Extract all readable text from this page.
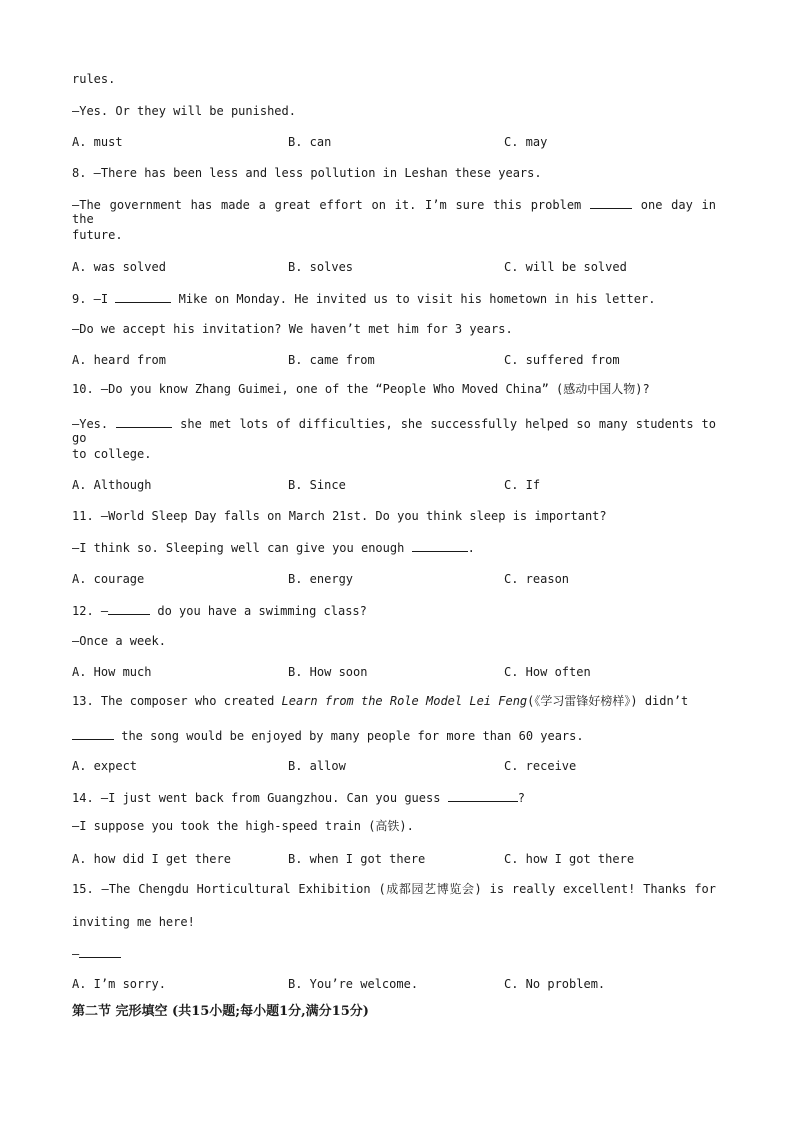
rules.
—Yes. Or they will be punished.
A. must	B. can	C. may
8. —There has been less and less pollution in Leshan these years.
—The government has made a great effort on it. I’m sure this problem	one day in the
future.
A. was solved	B. solves	C. will be solved
9. —I	Mike on Monday. He invited us to visit his hometown in his letter.
—Do we accept his invitation? We haven’t met him for 3 years.
A. heard from	B. came from	C. suffered from
10. —Do you know Zhang Guimei, one of the “People Who Moved China” (感动中国人物)?
—Yes.	she met lots of difficulties, she successfully helped so many students to go
to college.
A. Although	B. Since	C. If
11. —World Sleep Day falls on March 21st. Do you think sleep is important?
—I think so. Sleeping well can give you enough	.
A. courage	B. energy	C. reason
12. —	do you have a swimming class?
—Once a week.
A. How much	B. How soon	C. How often
13. The composer who created Learn from the Role Model Lei Feng(《学习雷锋好榜样》) didn’t
the song would be enjoyed by many people for more than 60 years.
A. expect	B. allow	C. receive
14. —I just went back from Guangzhou. Can you guess	?
—I suppose you took the high-speed train (高铁).
A. how did I get there	B. when I got there	C. how I got there
15. —The Chengdu Horticultural Exhibition (成都园艺博览会) is really excellent! Thanks for
inviting me here!
—
A. I’m sorry.	B. You’re welcome.	C. No problem.
第二节 完形填空 (共15小题;每小题1分,满分15分)
